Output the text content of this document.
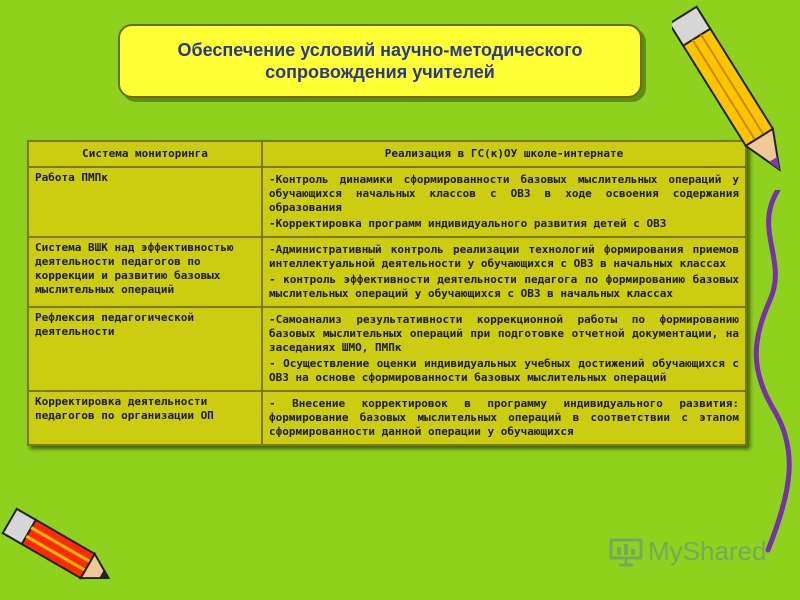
Обеспечение условий научно-методического
сопровождения учителей
Система мониторинга	Реализация в ГС(к)ОУ школе-интернате
Работа ПМПк	-Контроль динамики сформированности базовых мыслительных операций у обучающихся начальных классов с ОВЗ в ходе освоения содержания образования
-Корректировка программ индивидуального развития детей с ОВЗ

Система ВШК над эффективностью деятельности педагогов по коррекции и развитию базовых мыслительных операций	-Административный контроль реализации технологий формирования приемов интеллектуальной деятельности у обучающихся с ОВЗ в начальных классах
- контроль эффективности деятельности педагога по формированию базовых мыслительных операций у обучающихся с ОВЗ в начальных классах

Рефлексия педагогической деятельности	-Самоанализ результативности коррекционной работы по формированию базовых мыслительных операций при подготовке отчетной документации, на заседаниях ШМО, ПМПк
- Осуществление оценки индивидуальных учебных достижений обучающихся с ОВЗ на основе сформированности базовых мыслительных операций

Корректировка деятельности педагогов по организации ОП	- Внесение корректировок в программу индивидуального развития: формирование базовых мыслительных операций в соответствии с этапом сформированности данной операции у обучающихся
MyShared
